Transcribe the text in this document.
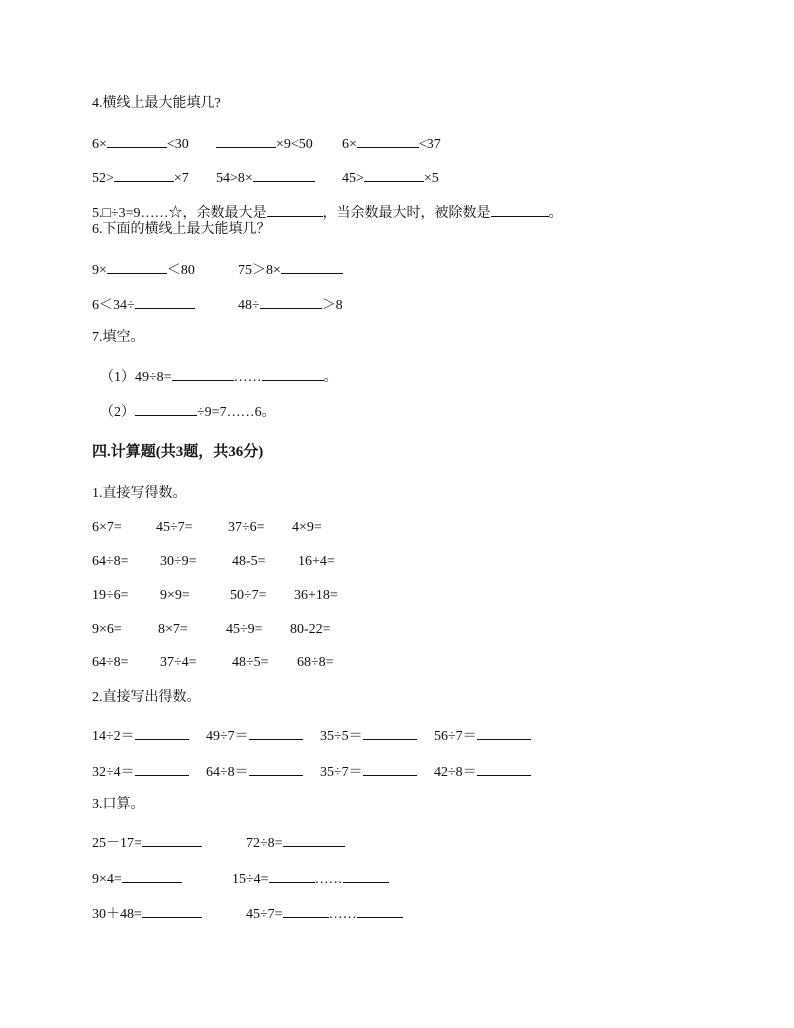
4.横线上最大能填几?
6×	<30	×9<50 6×	<37
52>	×7 54>8×	45>	×5
5.□÷3=9……☆，余数最大是	，当余数最大时，被除数是	。
6.下面的横线上最大能填几？
9×	＜80	75＞8×
6＜34÷	48÷	＞8
7.填空。
（1）49÷8=	……	。
（2）	÷9=7……6。
四.计算题(共3题，共36分)
1.直接写得数。
6×7= 45÷7=	37÷6= 4×9=
64÷8= 30÷9=	48-5= 16+4=
19÷6= 9×9=	50÷7= 36+18=
9×6=	8×7=	45÷9= 80-22=
64÷8= 37÷4=	48÷5= 68÷8=
2.直接写出得数。
14÷2＝	49÷7＝	35÷5＝	56÷7＝
32÷4＝	64÷8＝	35÷7＝	42÷8＝
3.口算。
25－17=	72÷8=
9×4=	15÷4=	……
30＋48=	45÷7=	……
